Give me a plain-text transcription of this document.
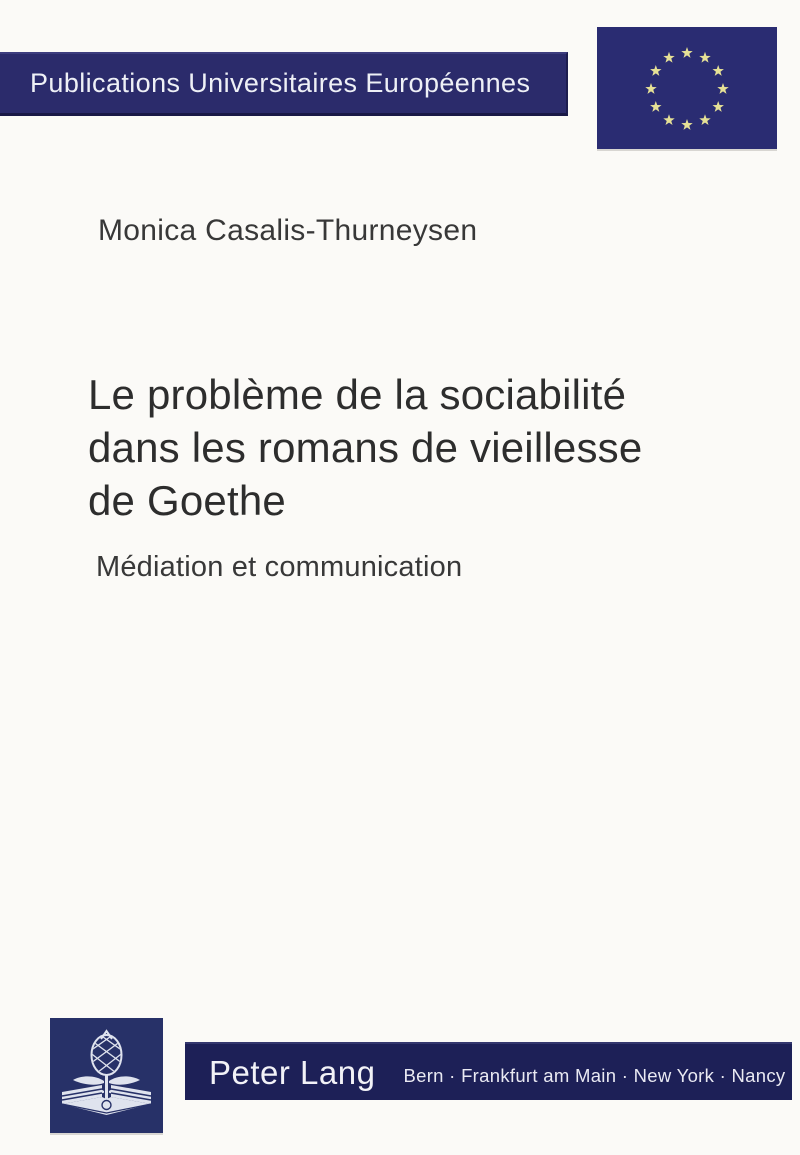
Publications Universitaires Européennes
Monica Casalis-Thurneysen
Le problème de la sociabilité
dans les romans de vieillesse
de Goethe
Médiation et communication
Peter Lang Bern · Frankfurt am Main · New York · Nancy
